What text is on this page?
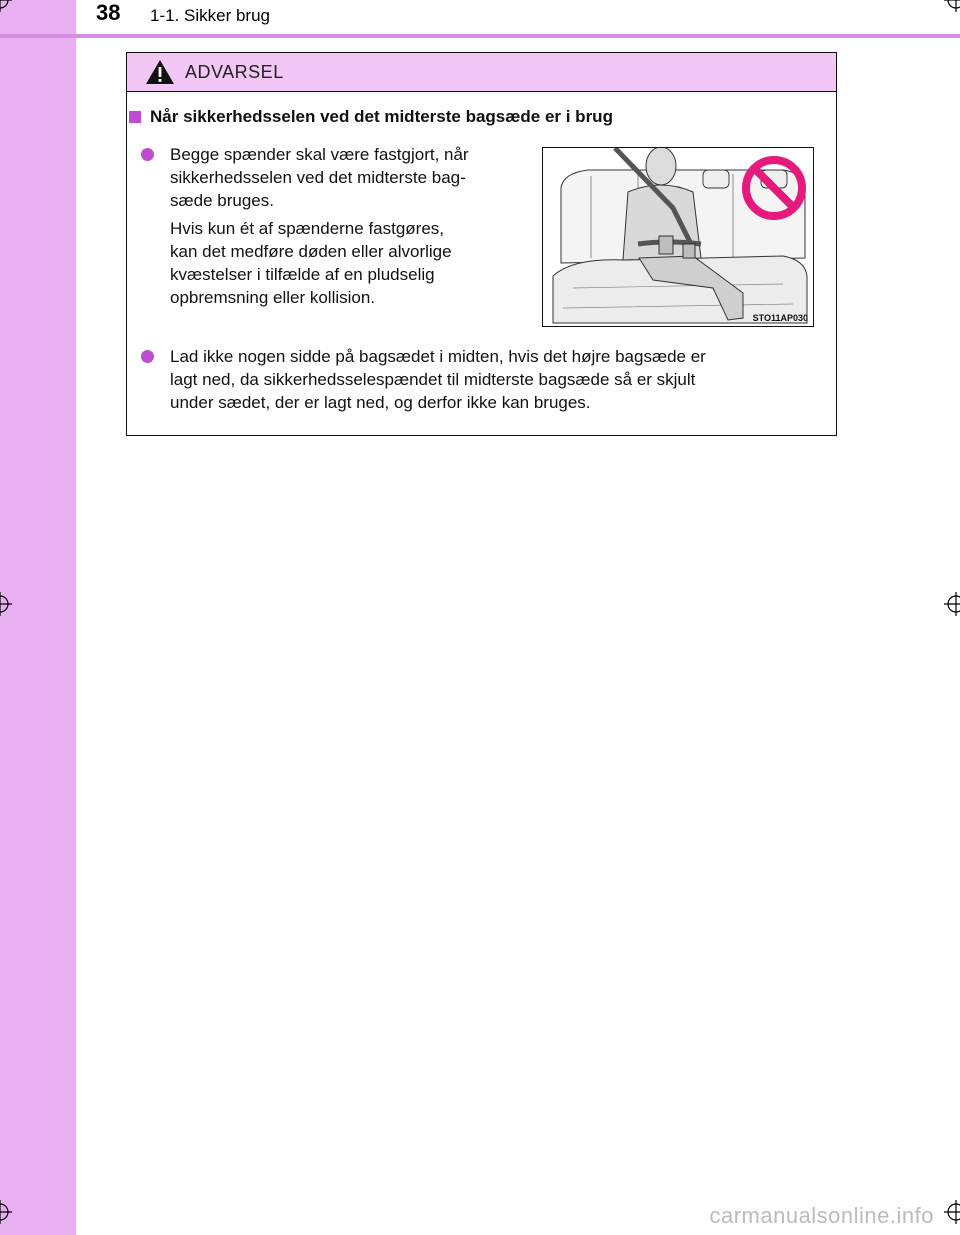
38 1-1. Sikker brug
ADVARSEL
Når sikkerhedsselen ved det midterste bagsæde er i brug
Begge spænder skal være fastgjort, når
sikkerhedsselen ved det midterste bag-
sæde bruges.
Hvis kun ét af spænderne fastgøres,
kan det medføre døden eller alvorlige
kvæstelser i tilfælde af en pludselig
opbremsning eller kollision.
STO11AP030
Lad ikke nogen sidde på bagsædet i midten, hvis det højre bagsæde er
lagt ned, da sikkerhedsselespændet til midterste bagsæde så er skjult
under sædet, der er lagt ned, og derfor ikke kan bruges.
carmanualsonline.info
